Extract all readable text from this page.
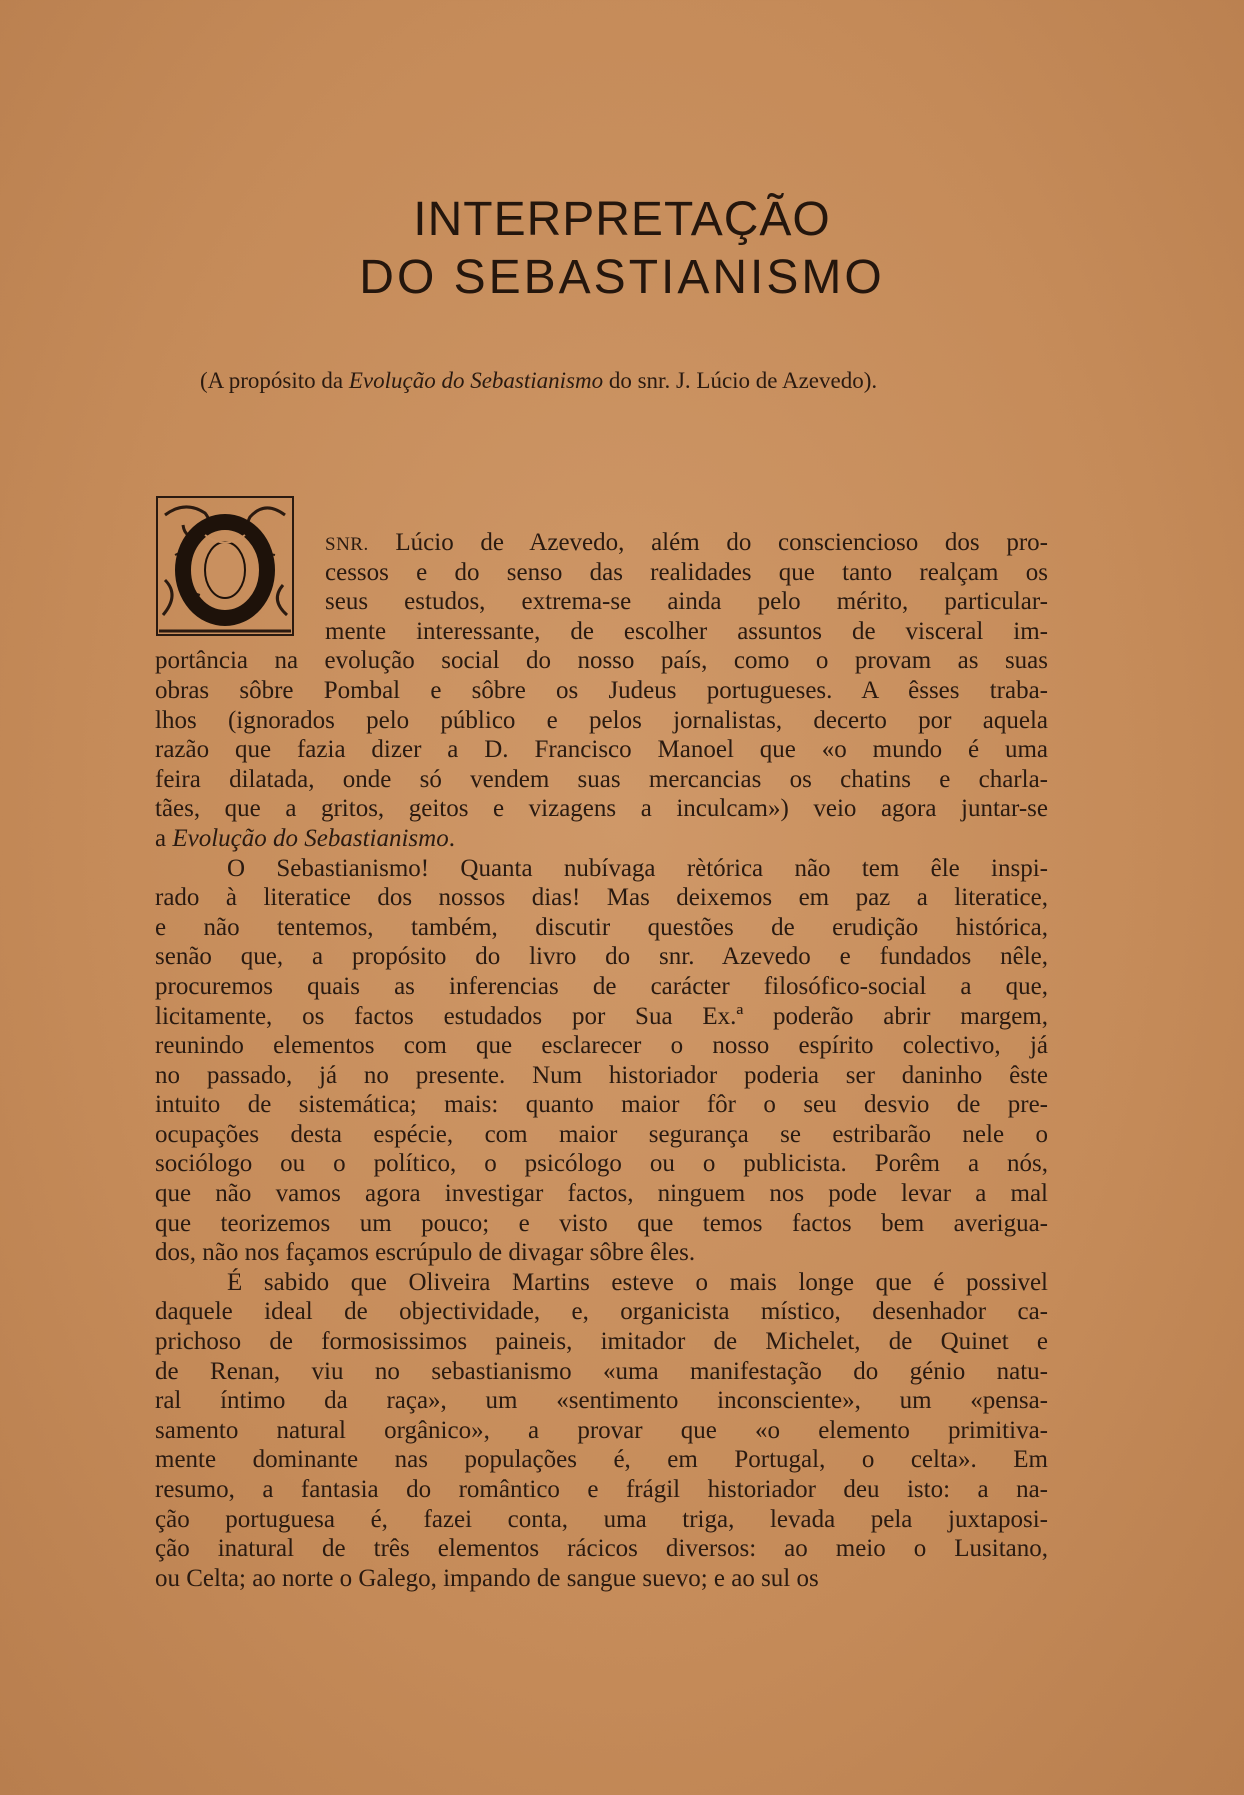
INTERPRETAÇÃO
DO SEBASTIANISMO
(A propósito da Evolução do Sebastianismo do snr. J. Lúcio de Azevedo).
SNR. Lúcio de Azevedo, além do consciencioso dos pro-
cessos e do senso das realidades que tanto realçam os
seus estudos, extrema-se ainda pelo mérito, particular-
mente interessante, de escolher assuntos de visceral im-
portância na evolução social do nosso país, como o provam as suas
obras sôbre Pombal e sôbre os Judeus portugueses. A êsses traba-
lhos (ignorados pelo público e pelos jornalistas, decerto por aquela
razão que fazia dizer a D. Francisco Manoel que «o mundo é uma
feira dilatada, onde só vendem suas mercancias os chatins e charla-
tães, que a gritos, geitos e vizagens a inculcam») veio agora juntar-se
a Evolução do Sebastianismo.
O Sebastianismo! Quanta nubívaga rètórica não tem êle inspi-
rado à literatice dos nossos dias! Mas deixemos em paz a literatice,
e não tentemos, também, discutir questões de erudição histórica,
senão que, a propósito do livro do snr. Azevedo e fundados nêle,
procuremos quais as inferencias de carácter filosófico-social a que,
licitamente, os factos estudados por Sua Ex.ª poderão abrir margem,
reunindo elementos com que esclarecer o nosso espírito colectivo, já
no passado, já no presente. Num historiador poderia ser daninho êste
intuito de sistemática; mais: quanto maior fôr o seu desvio de pre-
ocupações desta espécie, com maior segurança se estribarão nele o
sociólogo ou o político, o psicólogo ou o publicista. Porêm a nós,
que não vamos agora investigar factos, ninguem nos pode levar a mal
que teorizemos um pouco; e visto que temos factos bem averigua-
dos, não nos façamos escrúpulo de divagar sôbre êles.
É sabido que Oliveira Martins esteve o mais longe que é possivel
daquele ideal de objectividade, e, organicista místico, desenhador ca-
prichoso de formosissimos paineis, imitador de Michelet, de Quinet e
de Renan, viu no sebastianismo «uma manifestação do génio natu-
ral íntimo da raça», um «sentimento inconsciente», um «pensa-
samento natural orgânico», a provar que «o elemento primitiva-
mente dominante nas populações é, em Portugal, o celta». Em
resumo, a fantasia do romântico e frágil historiador deu isto: a na-
ção portuguesa é, fazei conta, uma triga, levada pela juxtaposi-
ção inatural de três elementos rácicos diversos: ao meio o Lusitano,
ou Celta; ao norte o Galego, impando de sangue suevo; e ao sul os
